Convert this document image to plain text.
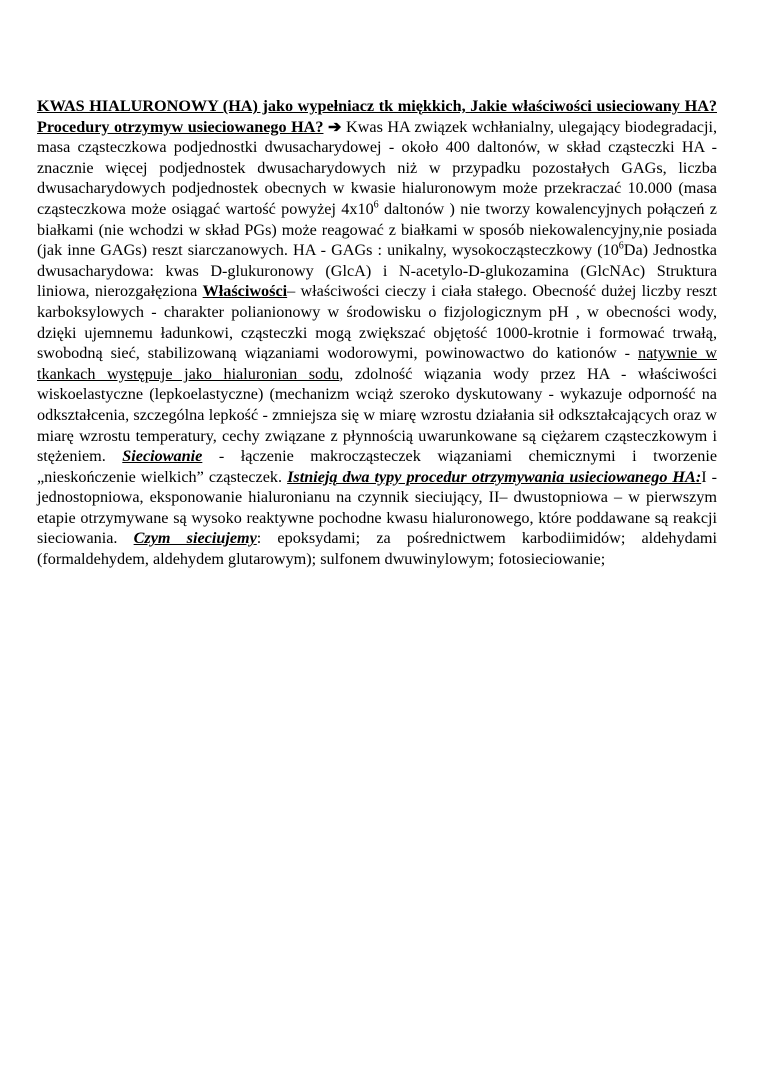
KWAS HIALURONOWY (HA) jako wypełniacz tk miękkich, Jakie właściwości usieciowany HA? Procedury otrzymyw usieciowanego HA? ➔ Kwas HA związek wchłanialny, ulegający biodegradacji, masa cząsteczkowa podjednostki dwusacharydowej - około 400 daltonów, w skład cząsteczki HA - znacznie więcej podjednostek dwusacharydowych niż w przypadku pozostałych GAGs, liczba dwusacharydowych podjednostek obecnych w kwasie hialuronowym może przekraczać 10.000 (masa cząsteczkowa może osiągać wartość powyżej $4x10^6$ daltonów ) nie tworzy kowalencyjnych połączeń z białkami (nie wchodzi w skład PGs) może reagować z białkami w sposób niekowalencyjny,nie posiada (jak inne GAGs) reszt siarczanowych. HA - GAGs : unikalny, wysokocząsteczkowy $(10^6Da)$ Jednostka dwusacharydowa: kwas D-glukuronowy (GlcA) i N-acetylo-D-glukozamina (GlcNAc) Struktura liniowa, nierozgałęziona Właściwości– właściwości cieczy i ciała stałego. Obecność dużej liczby reszt karboksylowych - charakter polianionowy w środowisku o fizjologicznym pH , w obecności wody, dzięki ujemnemu ładunkowi, cząsteczki mogą zwiększać objętość 1000-krotnie i formować trwałą, swobodną sieć, stabilizowaną wiązaniami wodorowymi, powinowactwo do kationów - natywnie w tkankach występuje jako hialuronian sodu, zdolność wiązania wody przez HA - właściwości wiskoelastyczne (lepkoelastyczne) (mechanizm wciąż szeroko dyskutowany - wykazuje odporność na odkształcenia, szczególna lepkość - zmniejsza się w miarę wzrostu działania sił odkształcających oraz w miarę wzrostu temperatury, cechy związane z płynnością uwarunkowane są ciężarem cząsteczkowym i stężeniem. Sieciowanie - łączenie makrocząsteczek wiązaniami chemicznymi i tworzenie „nieskończenie wielkich” cząsteczek. Istnieją dwa typy procedur otrzymywania usieciowanego HA:I - jednostopniowa, eksponowanie hialuronianu na czynnik sieciujący, II– dwustopniowa – w pierwszym etapie otrzymywane są wysoko reaktywne pochodne kwasu hialuronowego, które poddawane są reakcji sieciowania. Czym sieciujemy: epoksydami; za pośrednictwem karbodiimidów; aldehydami (formaldehydem, aldehydem glutarowym); sulfonem dwuwinylowym; fotosieciowanie;
